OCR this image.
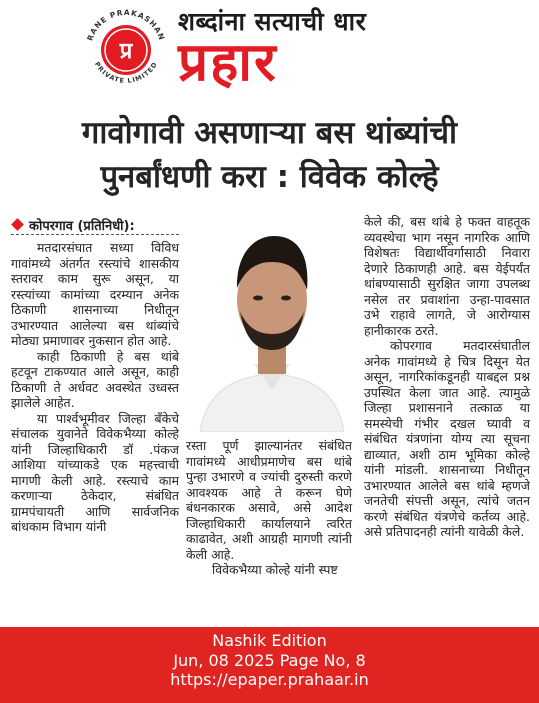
प्र
RANE PRAKASHAN
PRIVATE LIMITED
शब्दांना सत्याची धार
प्रहार
गावोगावी असणाऱ्या बस थांब्यांची
पुनर्बांधणी करा : विवेक कोल्हे
कोपरगाव (प्रतिनिधी):

मतदारसंघात सध्या विविध गावांमध्ये अंतर्गत रस्त्यांचे शासकीय स्तरावर काम सुरू असून, या रस्त्यांच्या कामांच्या दरम्यान अनेक ठिकाणी शासनाच्या निधीतून उभारण्यात आलेल्या बस थांब्यांचे मोठ्या प्रमाणावर नुकसान होत आहे.

काही ठिकाणी हे बस थांबे हटवून टाकण्यात आले असून, काही ठिकाणी ते अर्धवट अवस्थेत उध्वस्त झालेले आहेत.

या पार्श्वभूमीवर जिल्हा बँकेचे संचालक युवानेते विवेकभैय्या कोल्हे यांनी जिल्हाधिकारी डॉ .पंकज आशिया यांच्याकडे एक महत्त्वाची मागणी केली आहे. रस्त्याचे काम करणाऱ्या ठेकेदार, संबंधित ग्रामपंचायती आणि सार्वजनिक बांधकाम विभाग यांनी

रस्ता पूर्ण झाल्यानंतर संबंधित गावांमध्ये आधीप्रमाणेच बस थांबे पुन्हा उभारणे व ज्यांची दुरुस्ती करणे आवश्यक आहे ते करून घेणे बंधनकारक असावे, असे आदेश जिल्हाधिकारी कार्यालयाने त्वरित काढावेत, अशी आग्रही मागणी त्यांनी केली आहे.

विवेकभैय्या कोल्हे यांनी स्पष्ट

केले की, बस थांबे हे फक्त वाहतूक व्यवस्थेचा भाग नसून नागरिक आणि विशेषतः विद्यार्थीवर्गासाठी निवारा देणारे ठिकाणही आहे. बस येईपर्यंत थांबण्यासाठी सुरक्षित जागा उपलब्ध नसेल तर प्रवाशांना उन्हा-पावसात उभे राहावे लागते, जे आरोग्यास हानीकारक ठरते.

कोपरगाव मतदारसंघातील अनेक गावांमध्ये हे चित्र दिसून येत असून, नागरिकांकडूनही याबद्दल प्रश्न उपस्थित केला जात आहे. त्यामुळे जिल्हा प्रशासनाने तत्काळ या समस्येची गंभीर दखल घ्यावी व संबंधित यंत्रणांना योग्य त्या सूचना द्याव्यात, अशी ठाम भूमिका कोल्हे यांनी मांडली. शासनाच्या निधीतून उभारण्यात आलेले बस थांबे म्हणजे जनतेची संपत्ती असून, त्यांचे जतन करणे संबंधित यंत्रणेचे कर्तव्य आहे. असे प्रतिपादनही त्यांनी यावेळी केले.

Nashik Edition
Jun, 08 2025 Page No, 8
https://epaper.prahaar.in
